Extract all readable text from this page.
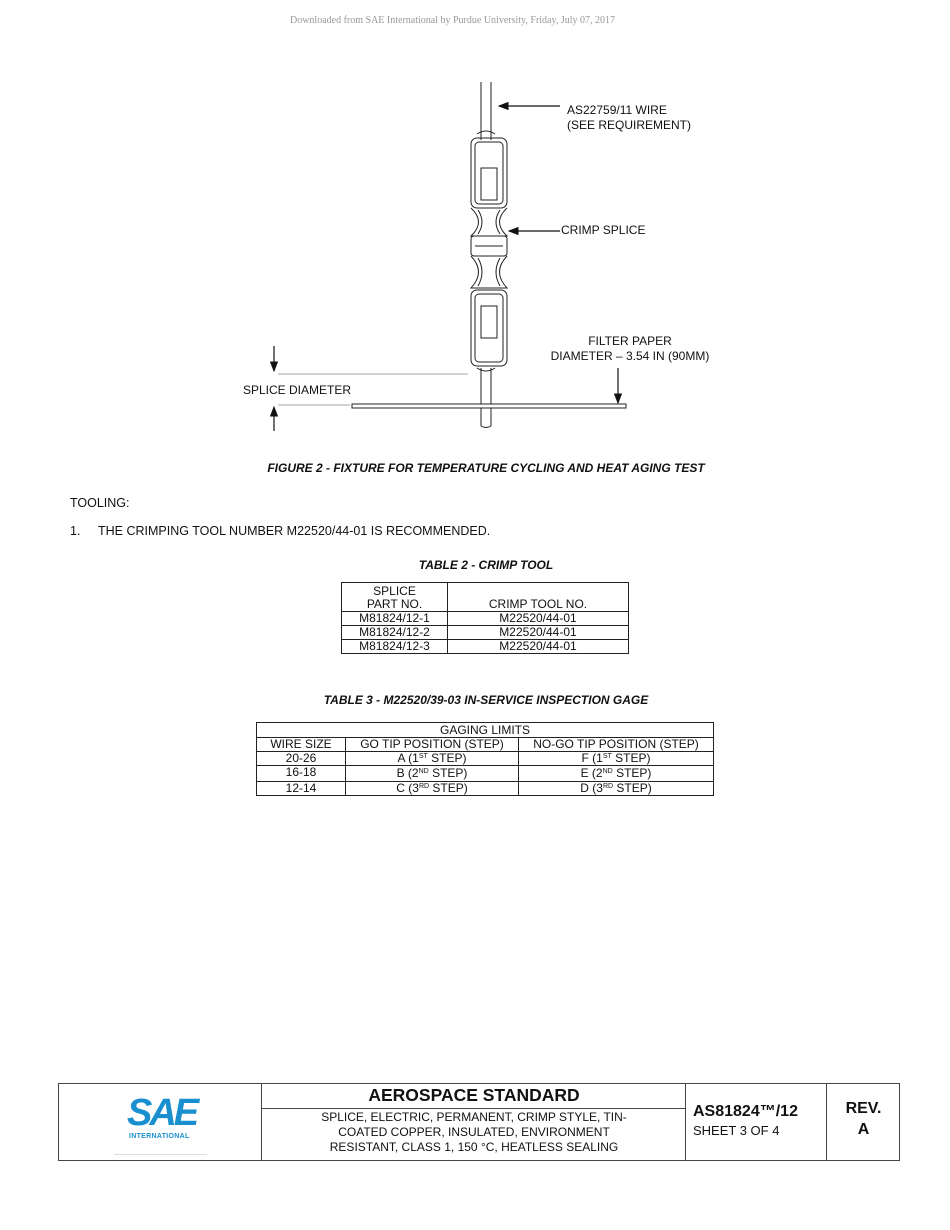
Downloaded from SAE International by Purdue University, Friday, July 07, 2017
AS22759/11 WIRE
(SEE REQUIREMENT)
CRIMP SPLICE
FILTER PAPER
DIAMETER – 3.54 IN (90MM)
SPLICE DIAMETER
FIGURE 2 - FIXTURE FOR TEMPERATURE CYCLING AND HEAT AGING TEST
TOOLING:
1. THE CRIMPING TOOL NUMBER M22520/44-01 IS RECOMMENDED.
TABLE 2 - CRIMP TOOL
SPLICE
PART NO.	CRIMP TOOL NO.
M81824/12-1	M22520/44-01
M81824/12-2	M22520/44-01
M81824/12-3	M22520/44-01
TABLE 3 - M22520/39-03 IN-SERVICE INSPECTION GAGE
GAGING LIMITS		
WIRE SIZE	GO TIP POSITION (STEP)	NO-GO TIP POSITION (STEP)
20-26	A (1ST STEP)	F (1ST STEP)
16-18	B (2ND STEP)	E (2ND STEP)
12-14	C (3RD STEP)	D (3RD STEP)
SAE
INTERNATIONAL
AEROSPACE STANDARD
SPLICE, ELECTRIC, PERMANENT, CRIMP STYLE, TIN-
COATED COPPER, INSULATED, ENVIRONMENT
RESISTANT, CLASS 1, 150 °C, HEATLESS SEALING
AS81824™/12
SHEET 3 OF 4
REV.
A
